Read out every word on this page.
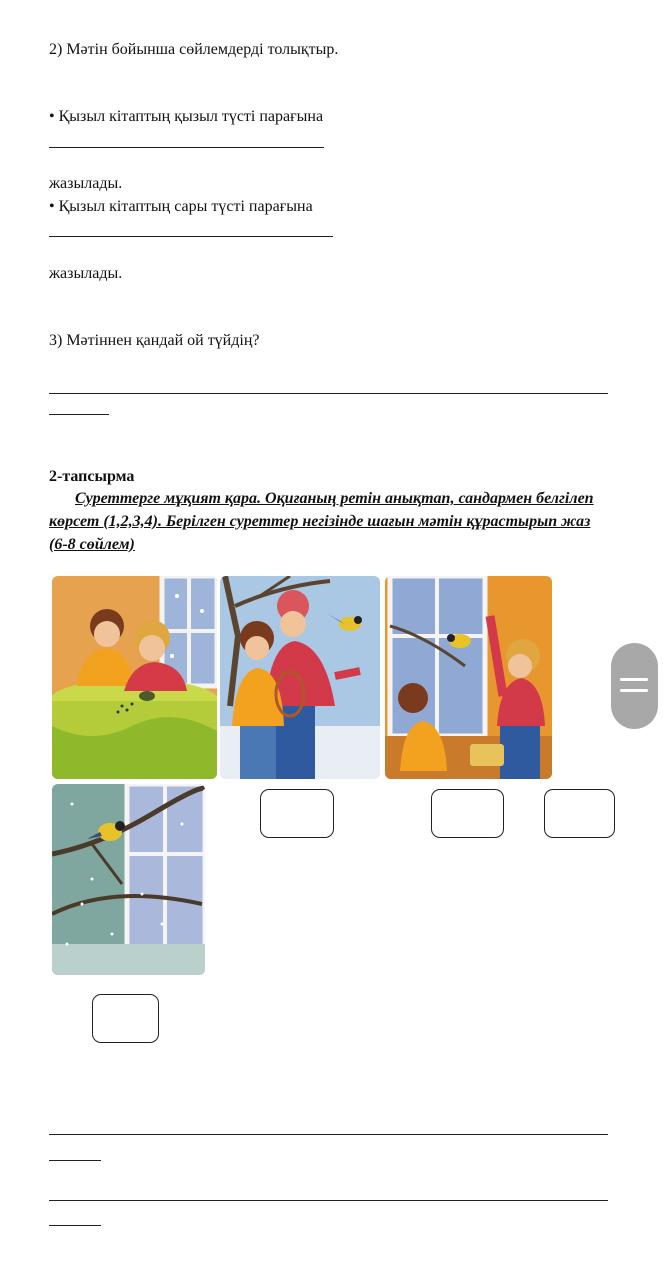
2) Мәтін бойынша сөйлемдерді толықтыр.
• Қызыл кітаптың қызыл түсті парағына
жазылады.
• Қызыл кітаптың сары түсті парағына
жазылады.
3) Мәтіннен қандай ой түйдің?
2-тапсырма
Суреттерге мұқият қара. Оқиғаның ретін анықтап, сандармен белгілеп көрсет (1,2,3,4). Берілген суреттер негізінде шағын мәтін құрастырып жаз (6-8 сөйлем)
